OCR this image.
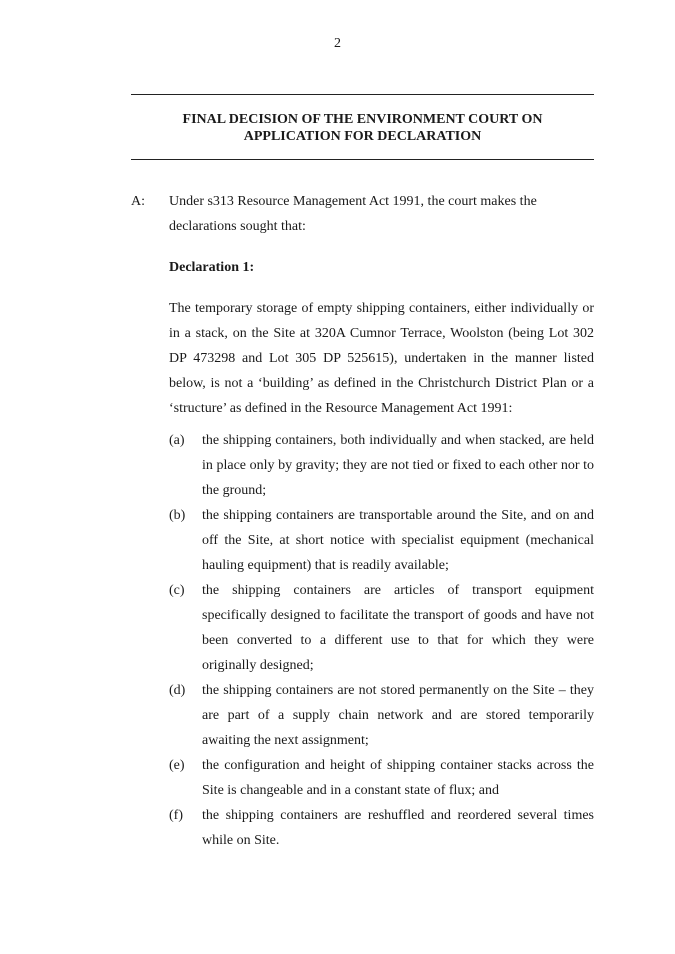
2
FINAL DECISION OF THE ENVIRONMENT COURT ON
APPLICATION FOR DECLARATION
A: Under s313 Resource Management Act 1991, the court makes the declarations sought that:
Declaration 1:
The temporary storage of empty shipping containers, either individually or in a stack, on the Site at 320A Cumnor Terrace, Woolston (being Lot 302 DP 473298 and Lot 305 DP 525615), undertaken in the manner listed below, is not a ‘building’ as defined in the Christchurch District Plan or a ‘structure’ as defined in the Resource Management Act 1991:
(a)	the shipping containers, both individually and when stacked, are held in place only by gravity; they are not tied or fixed to each other nor to the ground;
(b)	the shipping containers are transportable around the Site, and on and off the Site, at short notice with specialist equipment (mechanical hauling equipment) that is readily available;
(c)	the shipping containers are articles of transport equipment specifically designed to facilitate the transport of goods and have not been converted to a different use to that for which they were originally designed;
(d)	the shipping containers are not stored permanently on the Site – they are part of a supply chain network and are stored temporarily awaiting the next assignment;
(e)	the configuration and height of shipping container stacks across the Site is changeable and in a constant state of flux; and
(f)	the shipping containers are reshuffled and reordered several times while on Site.
